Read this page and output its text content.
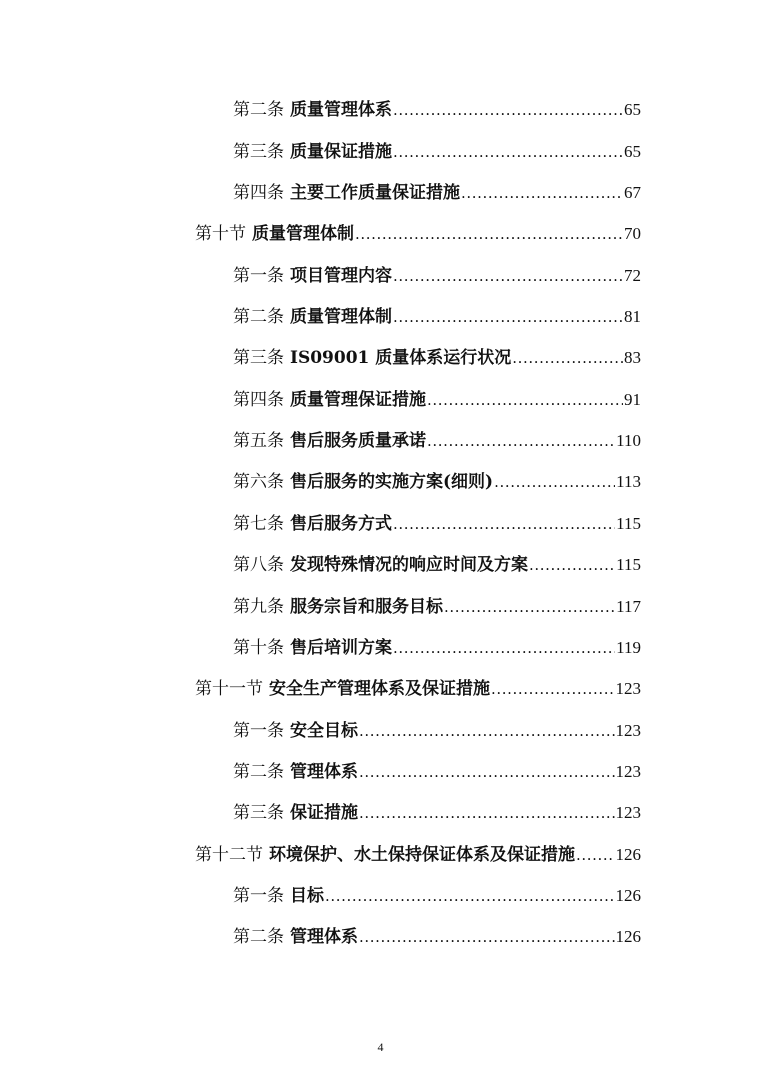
第二条 质量管理体系 .....	65
第三条 质量保证措施 .....	65
第四条 主要工作质量保证措施 .....	67
第十节 质量管理体制 .....	70
第一条 项目管理内容 .....	72
第二条 质量管理体制 .....	81
第三条 IS09001 质量体系运行状况 .....	83
第四条 质量管理保证措施 .....	91
第五条 售后服务质量承诺 .....	110
第六条 售后服务的实施方案(细则) .....	113
第七条 售后服务方式 .....	115
第八条 发现特殊情况的响应时间及方案 .....	115
第九条 服务宗旨和服务目标 .....	117
第十条 售后培训方案 .....	119
第十一节 安全生产管理体系及保证措施 .....	123
第一条 安全目标 .....	123
第二条 管理体系 .....	123
第三条 保证措施 .....	123
第十二节 环境保护、水土保持保证体系及保证措施 ..... 126
第一条 目标 .....	126
第二条 管理体系 .....	126
4
